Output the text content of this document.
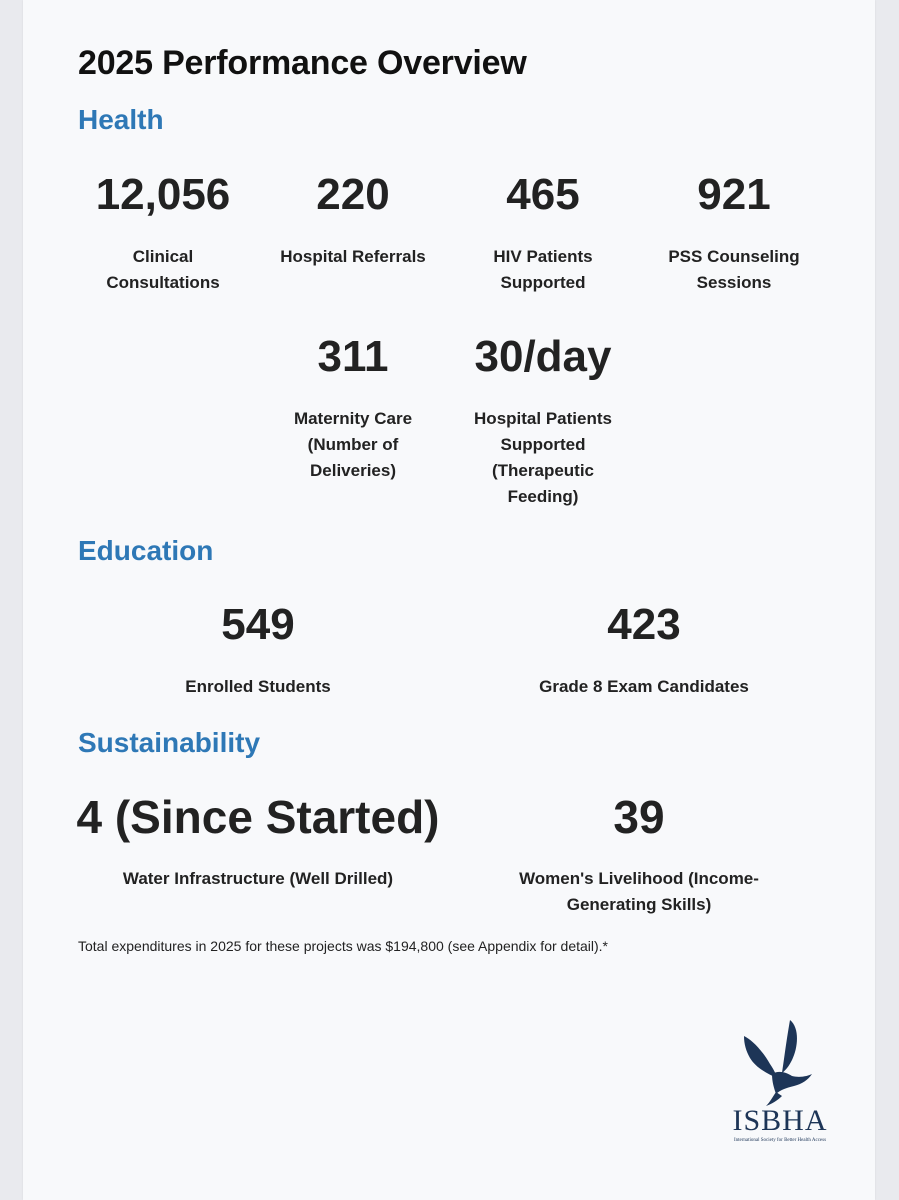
2025 Performance Overview
Health
12,056
Clinical Consultations
220
Hospital Referrals
465
HIV Patients Supported
921
PSS Counseling Sessions
311
Maternity Care (Number of Deliveries)
30/day
Hospital Patients Supported (Therapeutic Feeding)
Education
549
Enrolled Students
423
Grade 8 Exam Candidates
Sustainability
4 (Since Started)
Water Infrastructure (Well Drilled)
39
Women's Livelihood (Income-Generating Skills)
Total expenditures in 2025 for these projects was $194,800 (see Appendix for detail).*
ISBHA
International Society for Better Health Access
